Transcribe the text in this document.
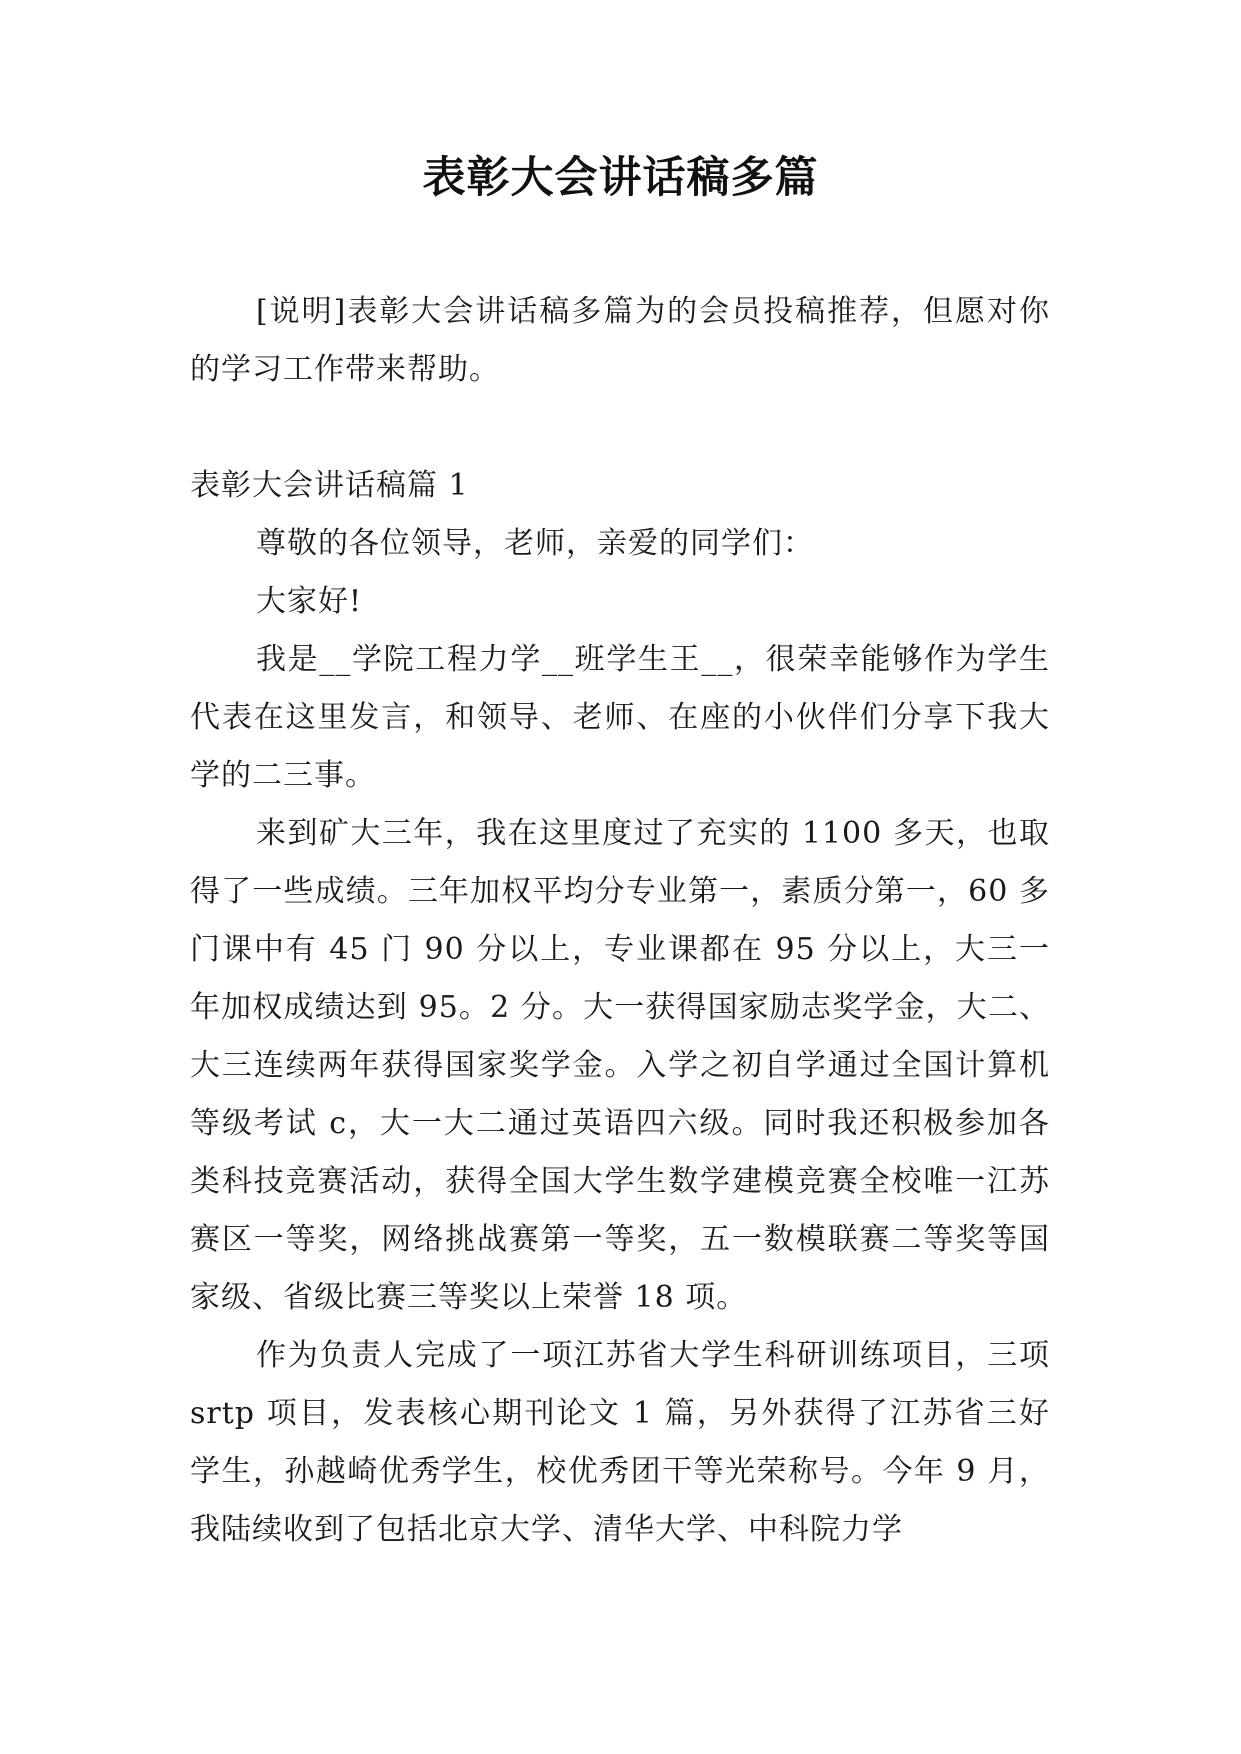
表彰大会讲话稿多篇

[说明]表彰大会讲话稿多篇为的会员投稿推荐，但愿对你的学习工作带来帮助。

表彰大会讲话稿篇 1

尊敬的各位领导，老师，亲爱的同学们：

大家好!

我是__学院工程力学__班学生王__，很荣幸能够作为学生代表在这里发言，和领导、老师、在座的小伙伴们分享下我大学的二三事。

来到矿大三年，我在这里度过了充实的 1100 多天，也取得了一些成绩。三年加权平均分专业第一，素质分第一，60 多门课中有 45 门 90 分以上，专业课都在 95 分以上，大三一年加权成绩达到 95。2 分。大一获得国家励志奖学金，大二、大三连续两年获得国家奖学金。入学之初自学通过全国计算机等级考试 c，大一大二通过英语四六级。同时我还积极参加各类科技竞赛活动，获得全国大学生数学建模竞赛全校唯一江苏赛区一等奖，网络挑战赛第一等奖，五一数模联赛二等奖等国家级、省级比赛三等奖以上荣誉 18 项。

作为负责人完成了一项江苏省大学生科研训练项目，三项 srtp 项目，发表核心期刊论文 1 篇，另外获得了江苏省三好学生，孙越崎优秀学生，校优秀团干等光荣称号。今年 9 月，我陆续收到了包括北京大学、清华大学、中科院力学
